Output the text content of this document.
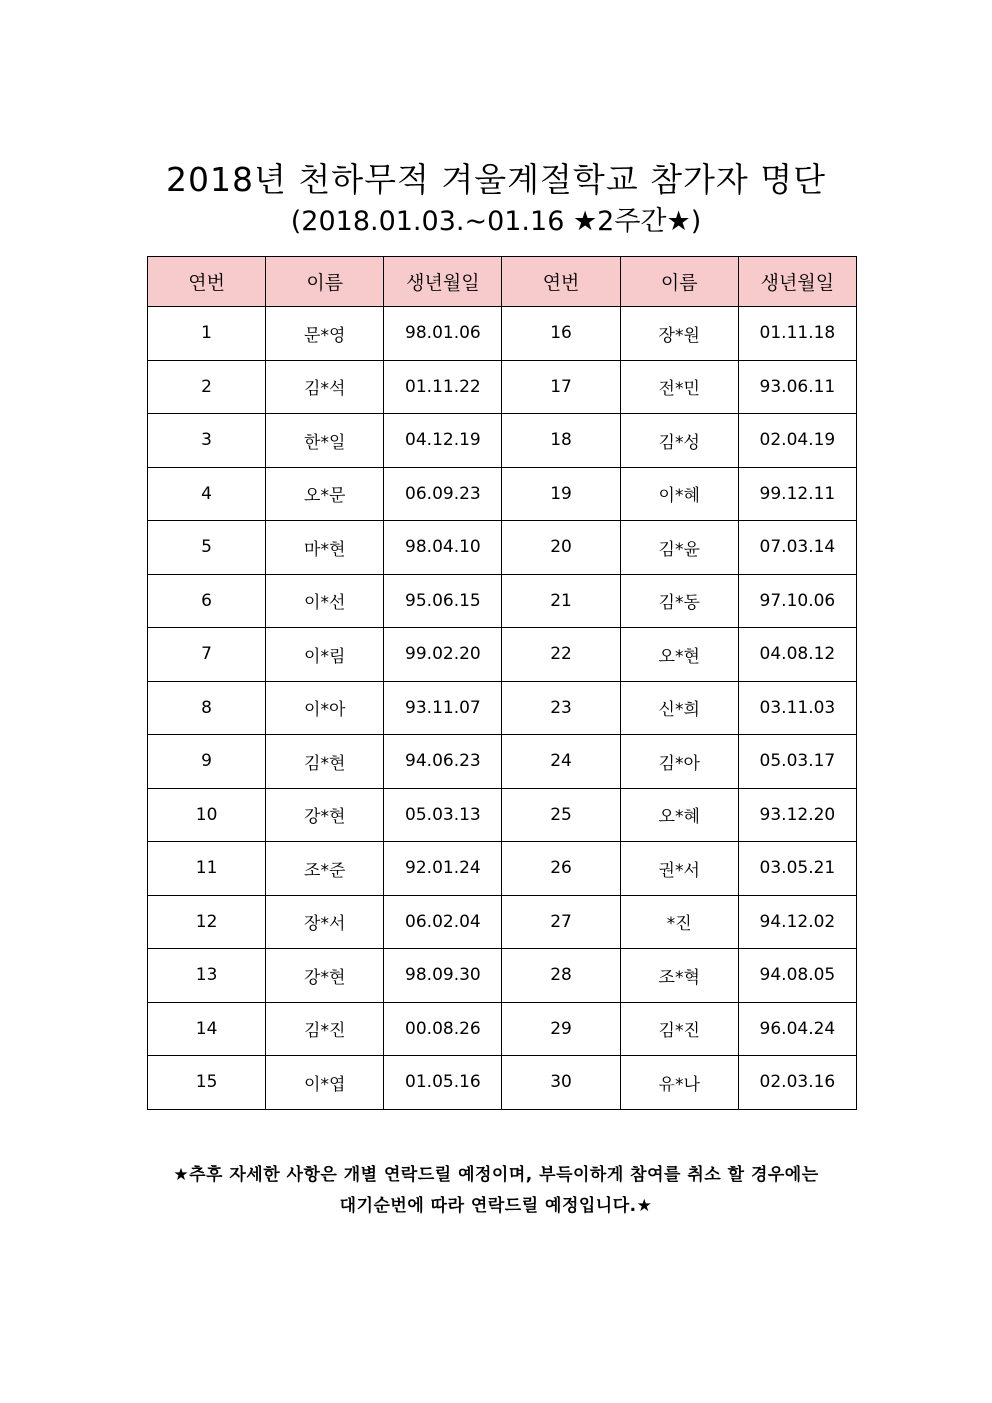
2018년 천하무적 겨울계절학교 참가자 명단
(2018.01.03.~01.16 ★2주간★)
연번	이름	생년월일	연번	이름	생년월일
1	문*영	98.01.06	16	장*원	01.11.18
2	김*석	01.11.22	17	전*민	93.06.11
3	한*일	04.12.19	18	김*성	02.04.19
4	오*문	06.09.23	19	이*혜	99.12.11
5	마*현	98.04.10	20	김*윤	07.03.14
6	이*선	95.06.15	21	김*동	97.10.06
7	이*림	99.02.20	22	오*현	04.08.12
8	이*아	93.11.07	23	신*희	03.11.03
9	김*현	94.06.23	24	김*아	05.03.17
10	강*현	05.03.13	25	오*혜	93.12.20
11	조*준	92.01.24	26	권*서	03.05.21
12	장*서	06.02.04	27	*진	94.12.02
13	강*현	98.09.30	28	조*혁	94.08.05
14	김*진	00.08.26	29	김*진	96.04.24
15	이*엽	01.05.16	30	유*나	02.03.16
★추후 자세한 사항은 개별 연락드릴 예정이며, 부득이하게 참여를 취소 할 경우에는
대기순번에 따라 연락드릴 예정입니다.★
